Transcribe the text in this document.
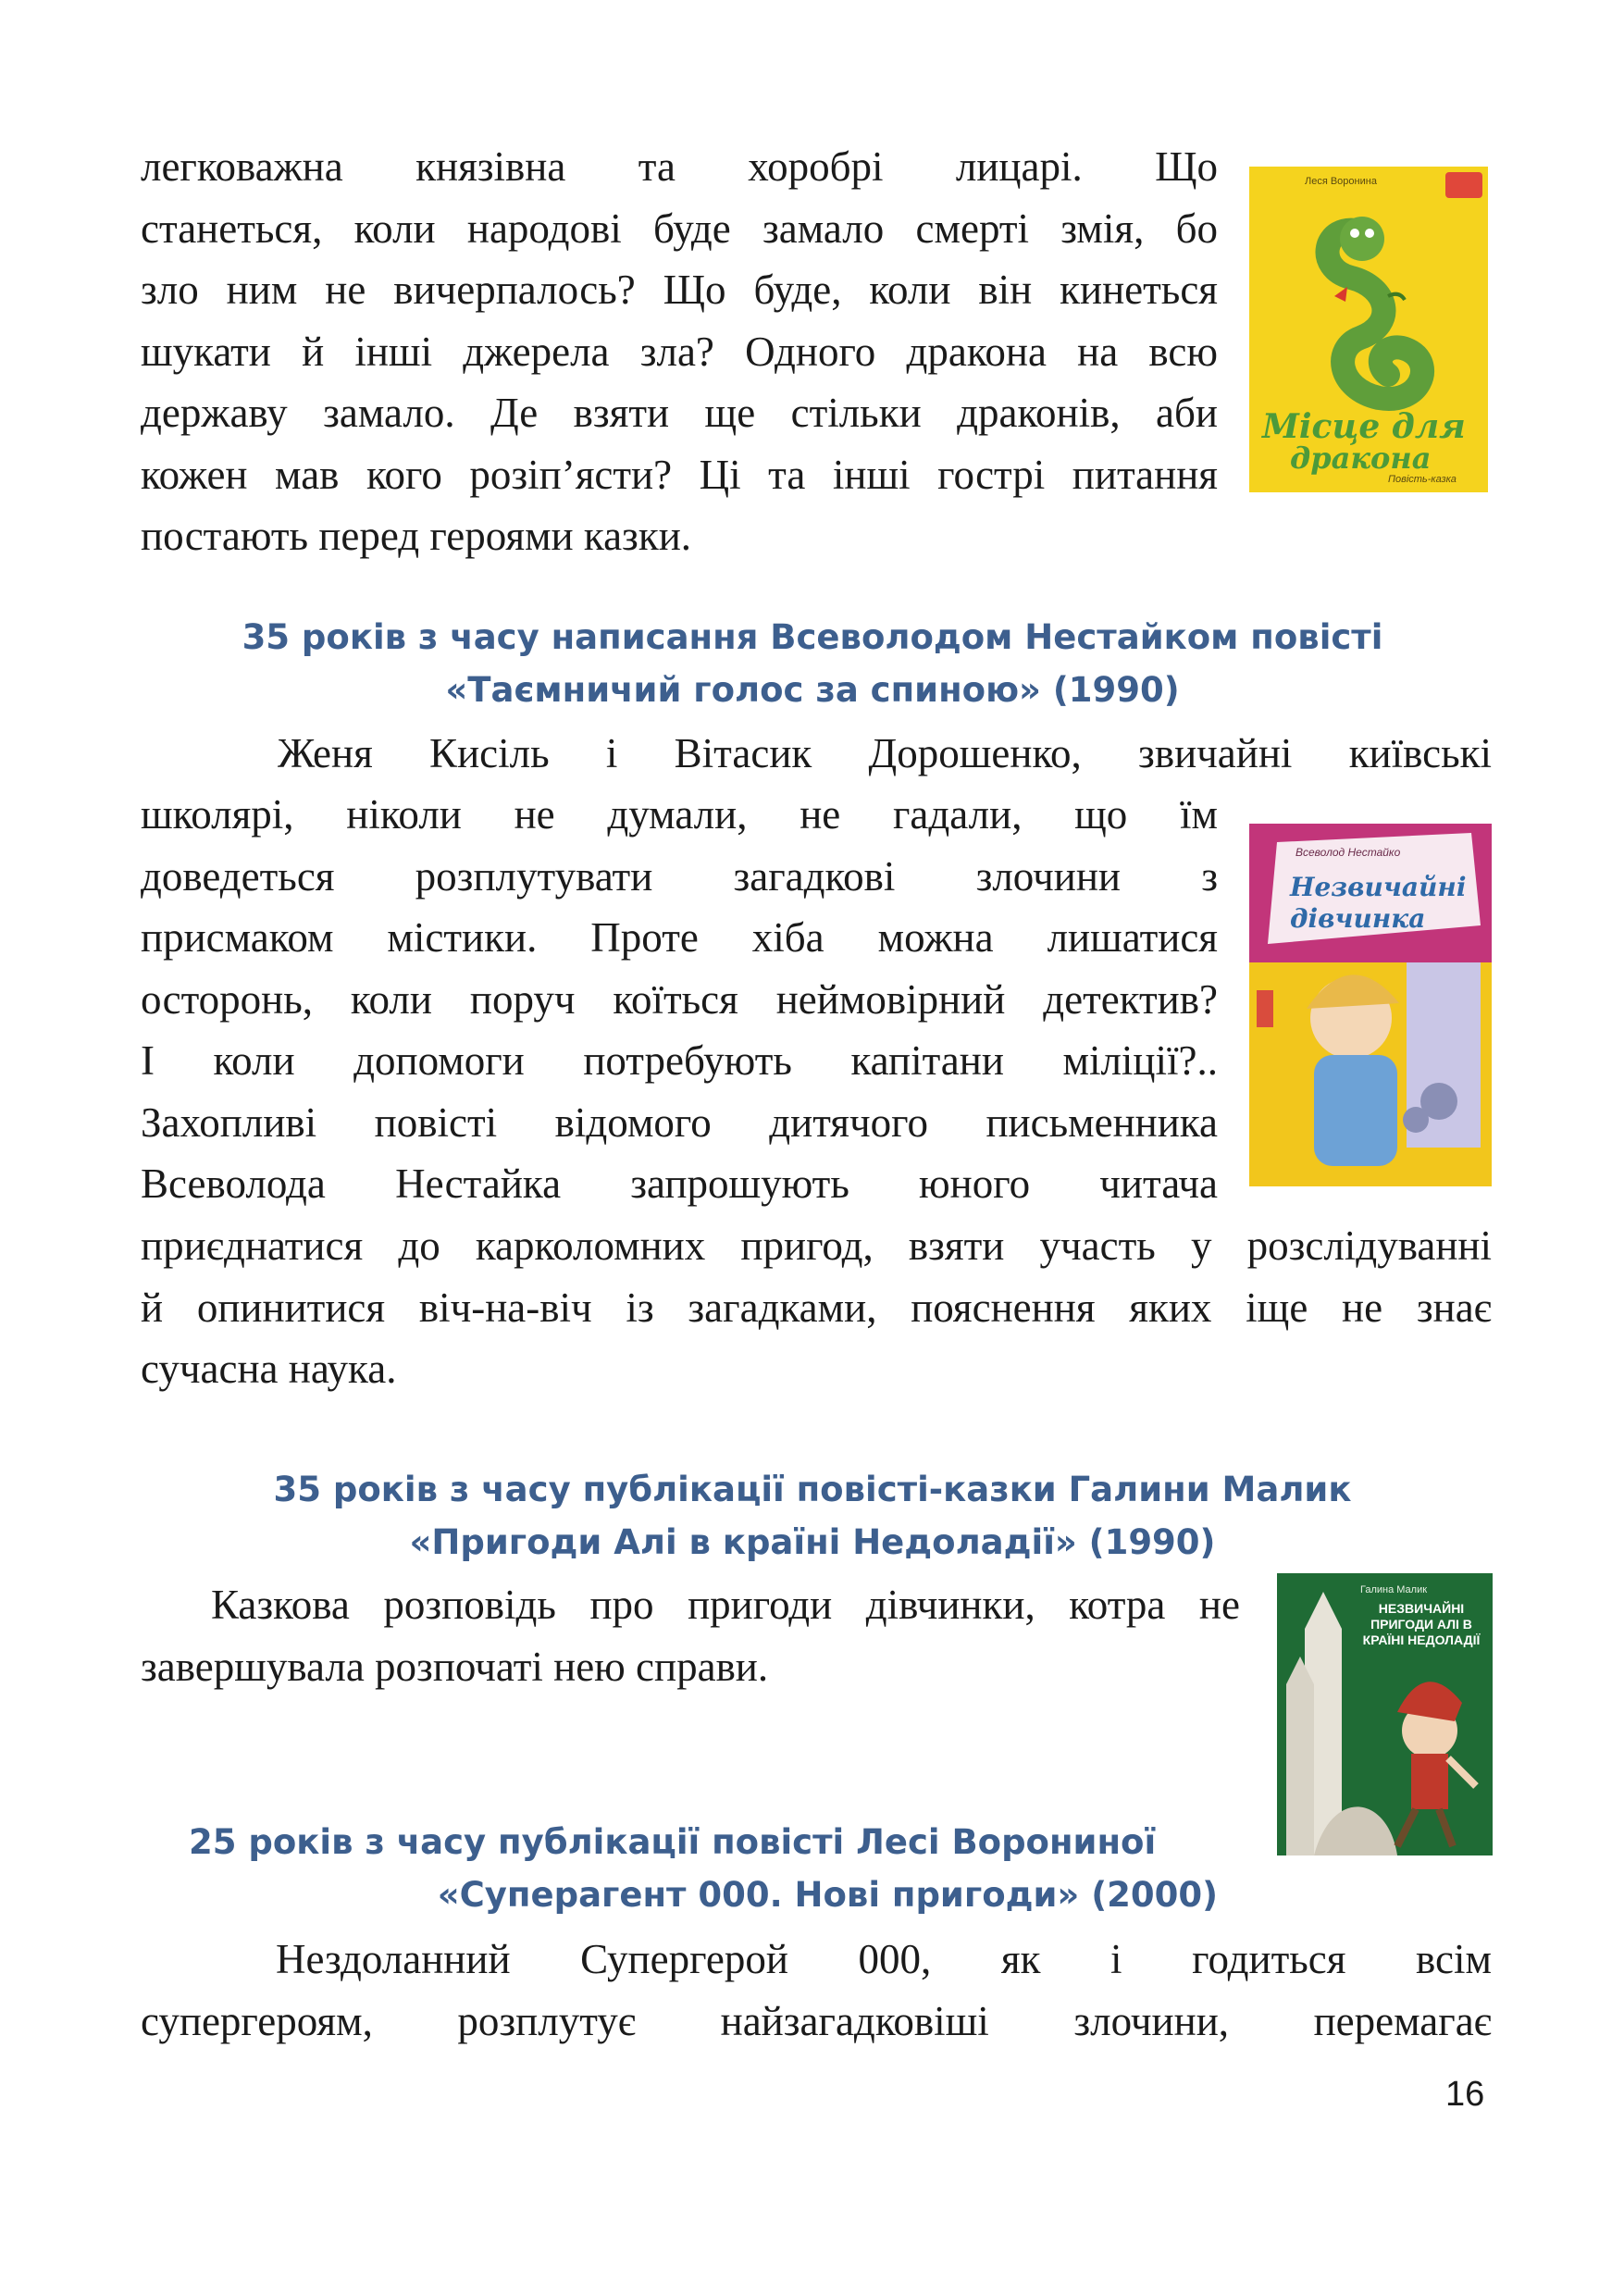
легковажна князівна та хоробрі лицарі. Що
станеться, коли народові буде замало смерті змія, бо
зло ним не вичерпалось? Що буде, коли він кинеться
шукати й інші джерела зла? Одного дракона на всю
державу замало. Де взяти ще стільки драконів, аби
кожен мав кого розіп’ясти? Ці та інші гострі питання
постають перед героями казки.
Леся Воронина
Місце для
дракона
Повість-казка
35 років з часу написання Всеволодом Нестайком повісті
«Таємничий голос за спиною» (1990)
Женя Кисіль і Вітасик Дорошенко, звичайні київські
школярі, ніколи не думали, не гадали, що їм
доведеться розплутувати загадкові злочини з
присмаком містики. Проте хіба можна лишатися
осторонь, коли поруч коїться неймовірний детектив?
І коли допомоги потребують капітани міліції?..
Захопливі повісті відомого дитячого письменника
Всеволода Нестайка запрошують юного читача
приєднатися до карколомних пригод, взяти участь у розслідуванні
й опинитися віч-на-віч із загадками, пояснення яких іще не знає
сучасна наука.
Всеволод Нестайко
Незвичайні дівчинка
35 років з часу публікації повісті-казки Галини Малик
«Пригоди Алі в країні Недоладії» (1990)
Казкова розповідь про пригоди дівчинки, котра не
завершувала розпочаті нею справи.
Галина Малик
НЕЗВИЧАЙНІ ПРИГОДИ АЛІ В КРАЇНІ НЕДОЛАДІЇ
25 років з часу публікації повісті Лесі Ворониної
«Суперагент 000. Нові пригоди» (2000)
Нездоланний Супергерой 000, як і годиться всім
супергероям, розплутує найзагадковіші злочини, перемагає
16
